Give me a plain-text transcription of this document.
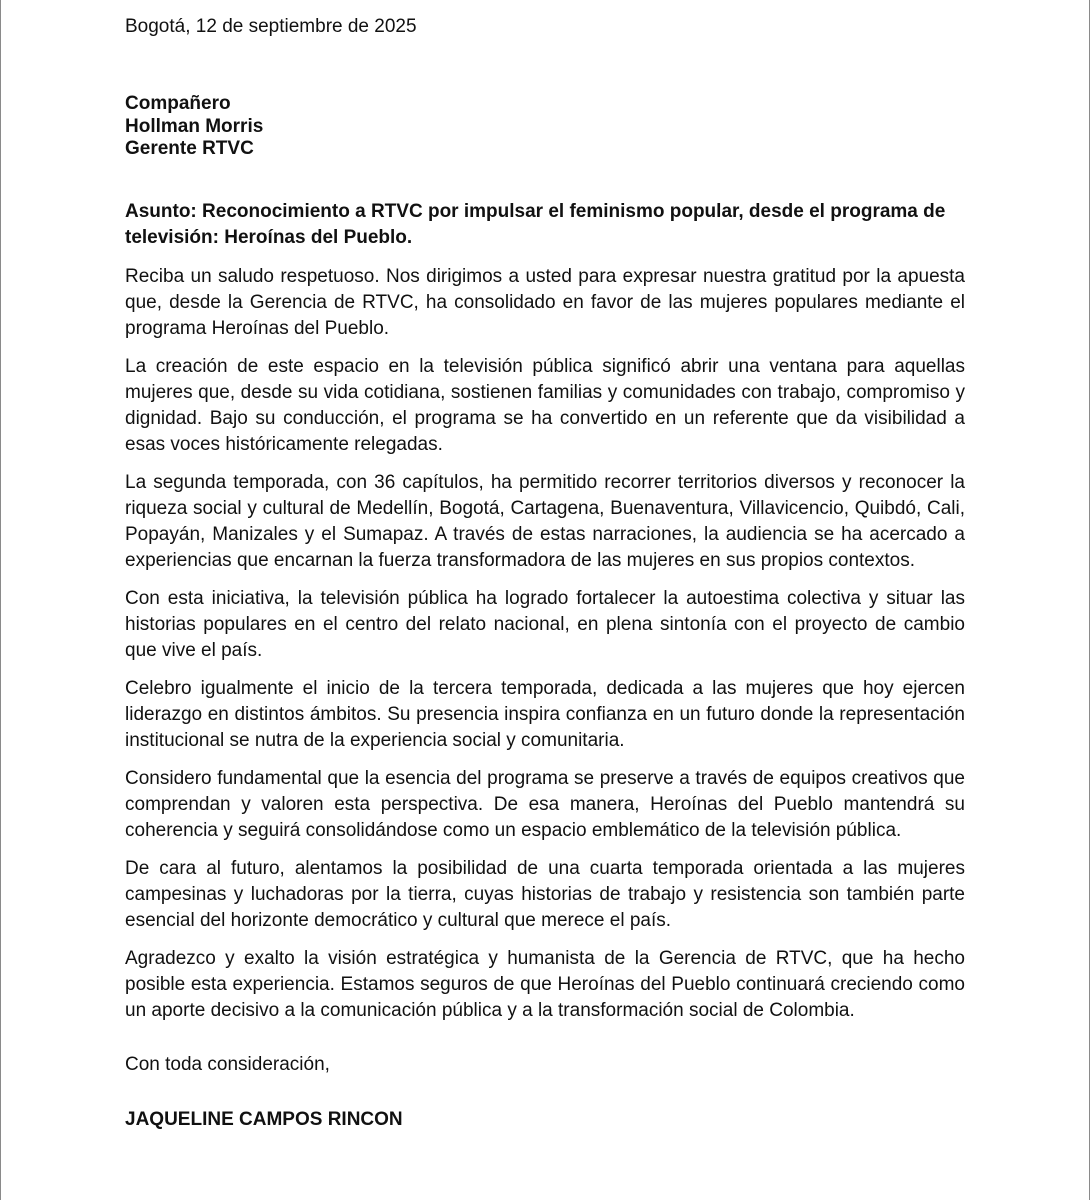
Bogotá, 12 de septiembre de 2025
Compañero
Hollman Morris
Gerente RTVC
Asunto: Reconocimiento a RTVC por impulsar el feminismo popular, desde el programa de televisión: Heroínas del Pueblo.

Reciba un saludo respetuoso. Nos dirigimos a usted para expresar nuestra gratitud por la apuesta que, desde la Gerencia de RTVC, ha consolidado en favor de las mujeres populares mediante el programa Heroínas del Pueblo.

La creación de este espacio en la televisión pública significó abrir una ventana para aquellas mujeres que, desde su vida cotidiana, sostienen familias y comunidades con trabajo, compromiso y dignidad. Bajo su conducción, el programa se ha convertido en un referente que da visibilidad a esas voces históricamente relegadas.

La segunda temporada, con 36 capítulos, ha permitido recorrer territorios diversos y reconocer la riqueza social y cultural de Medellín, Bogotá, Cartagena, Buenaventura, Villavicencio, Quibdó, Cali, Popayán, Manizales y el Sumapaz. A través de estas narraciones, la audiencia se ha acercado a experiencias que encarnan la fuerza transformadora de las mujeres en sus propios contextos.

Con esta iniciativa, la televisión pública ha logrado fortalecer la autoestima colectiva y situar las historias populares en el centro del relato nacional, en plena sintonía con el proyecto de cambio que vive el país.

Celebro igualmente el inicio de la tercera temporada, dedicada a las mujeres que hoy ejercen liderazgo en distintos ámbitos. Su presencia inspira confianza en un futuro donde la representación institucional se nutra de la experiencia social y comunitaria.

Considero fundamental que la esencia del programa se preserve a través de equipos creativos que comprendan y valoren esta perspectiva. De esa manera, Heroínas del Pueblo mantendrá su coherencia y seguirá consolidándose como un espacio emblemático de la televisión pública.

De cara al futuro, alentamos la posibilidad de una cuarta temporada orientada a las mujeres campesinas y luchadoras por la tierra, cuyas historias de trabajo y resistencia son también parte esencial del horizonte democrático y cultural que merece el país.

Agradezco y exalto la visión estratégica y humanista de la Gerencia de RTVC, que ha hecho posible esta experiencia. Estamos seguros de que Heroínas del Pueblo continuará creciendo como un aporte decisivo a la comunicación pública y a la transformación social de Colombia.

Con toda consideración,
JAQUELINE CAMPOS RINCON
